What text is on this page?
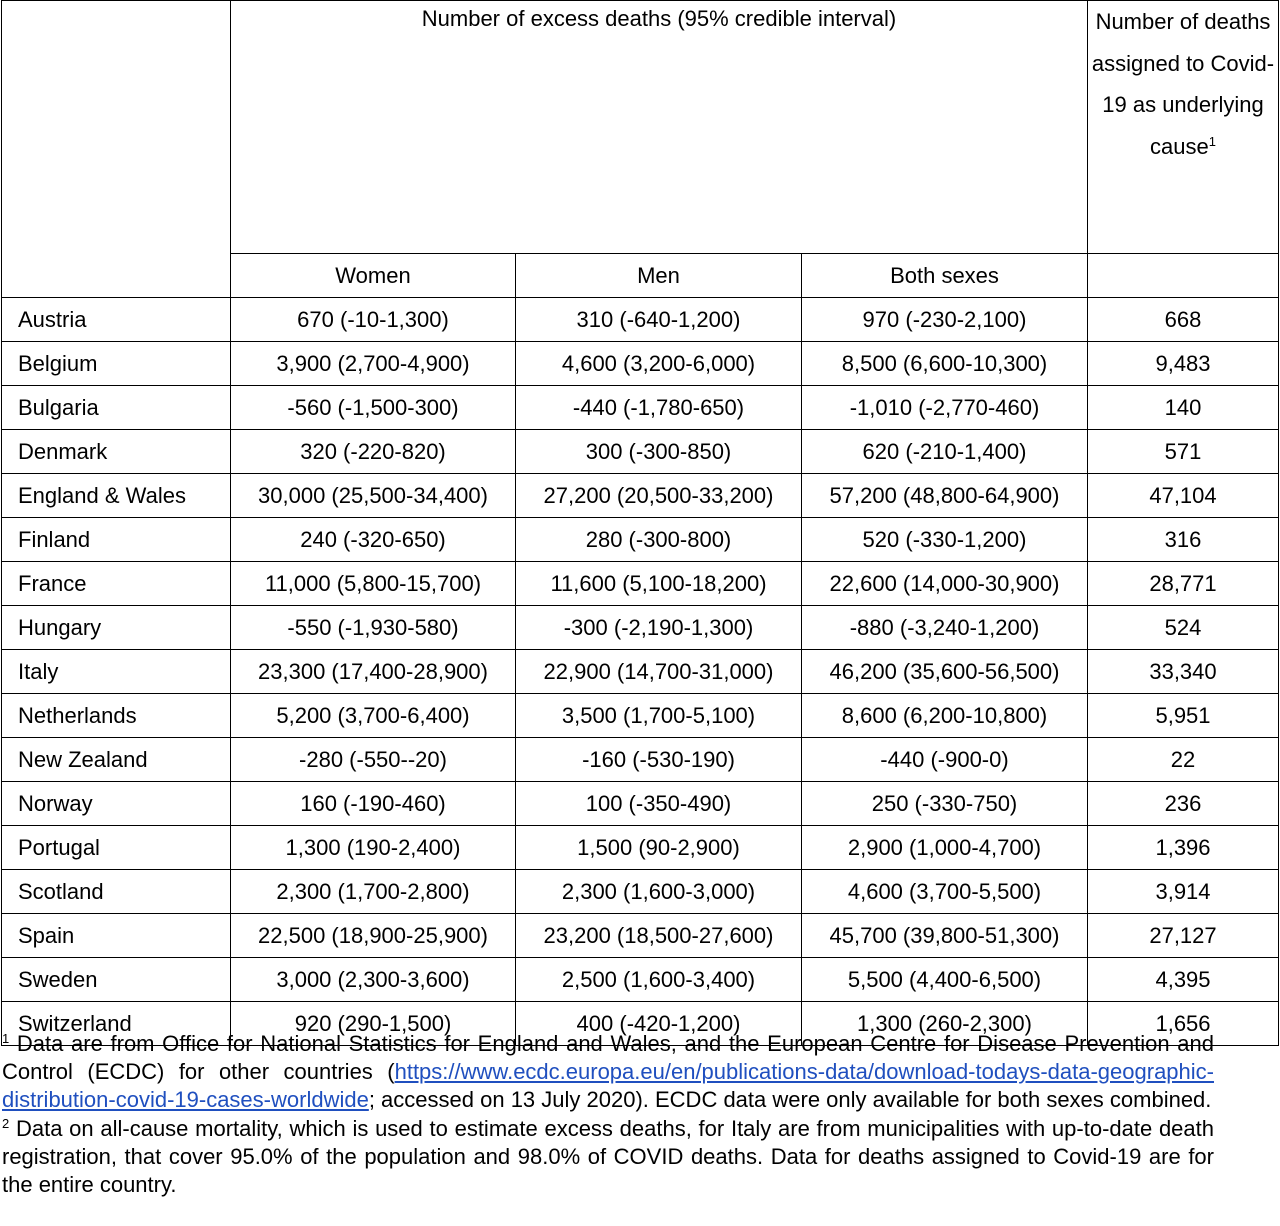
	Number of excess deaths (95% credible interval)			Number of deaths assigned to Covid-19 as underlying cause$^1$
	Women	Men	Both sexes	
Austria	670 (-10-1,300)	310 (-640-1,200)	970 (-230-2,100)	668
Belgium	3,900 (2,700-4,900)	4,600 (3,200-6,000)	8,500 (6,600-10,300)	9,483
Bulgaria	-560 (-1,500-300)	-440 (-1,780-650)	-1,010 (-2,770-460)	140
Denmark	320 (-220-820)	300 (-300-850)	620 (-210-1,400)	571
England & Wales	30,000 (25,500-34,400)	27,200 (20,500-33,200)	57,200 (48,800-64,900)	47,104
Finland	240 (-320-650)	280 (-300-800)	520 (-330-1,200)	316
France	11,000 (5,800-15,700)	11,600 (5,100-18,200)	22,600 (14,000-30,900)	28,771
Hungary	-550 (-1,930-580)	-300 (-2,190-1,300)	-880 (-3,240-1,200)	524
Italy	23,300 (17,400-28,900)	22,900 (14,700-31,000)	46,200 (35,600-56,500)	33,340
Netherlands	5,200 (3,700-6,400)	3,500 (1,700-5,100)	8,600 (6,200-10,800)	5,951
New Zealand	-280 (-550--20)	-160 (-530-190)	-440 (-900-0)	22
Norway	160 (-190-460)	100 (-350-490)	250 (-330-750)	236
Portugal	1,300 (190-2,400)	1,500 (90-2,900)	2,900 (1,000-4,700)	1,396
Scotland	2,300 (1,700-2,800)	2,300 (1,600-3,000)	4,600 (3,700-5,500)	3,914
Spain	22,500 (18,900-25,900)	23,200 (18,500-27,600)	45,700 (39,800-51,300)	27,127
Sweden	3,000 (2,300-3,600)	2,500 (1,600-3,400)	5,500 (4,400-6,500)	4,395
Switzerland	920 (290-1,500)	400 (-420-1,200)	1,300 (260-2,300)	1,656

$^1$ Data are from Office for National Statistics for England and Wales, and the European Centre for Disease Prevention and Control (ECDC) for other countries (https://www.ecdc.europa.eu/en/publications-data/download-todays-data-geographic-distribution-covid-19-cases-worldwide; accessed on 13 July 2020). ECDC data were only available for both sexes combined.

$^2$ Data on all-cause mortality, which is used to estimate excess deaths, for Italy are from municipalities with up-to-date death registration, that cover 95.0% of the population and 98.0% of COVID deaths. Data for deaths assigned to Covid-19 are for the entire country.
